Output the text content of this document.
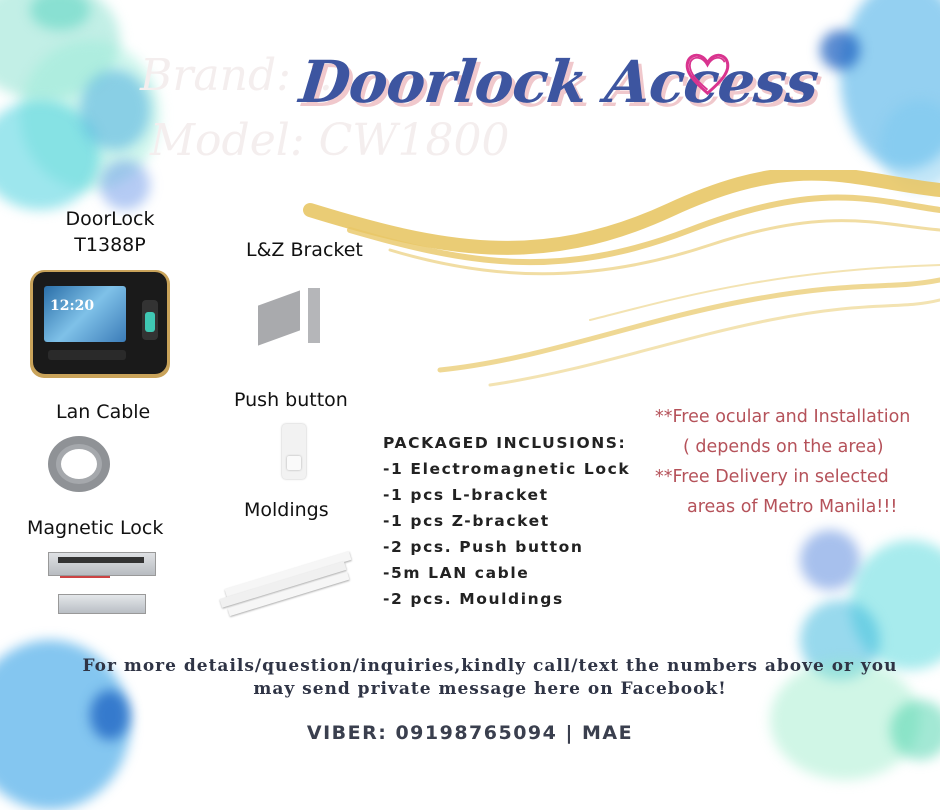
Brand: ...
Model: CW1800
Doorlock Access
DoorLock
T1388P
12:20
L&Z Bracket
Lan Cable
Push button
Magnetic Lock
Moldings
PACKAGED INCLUSIONS:
-1 Electromagnetic Lock
-1 pcs L-bracket
-1 pcs Z-bracket
-2 pcs. Push button
-5m LAN cable
-2 pcs. Mouldings
**Free ocular and Installation
( depends on the area)
**Free Delivery in selected
areas of Metro Manila!!!
For more details/question/inquiries,kindly call/text the numbers above or you
may send private message here on Facebook!
VIBER: 09198765094 | MAE
